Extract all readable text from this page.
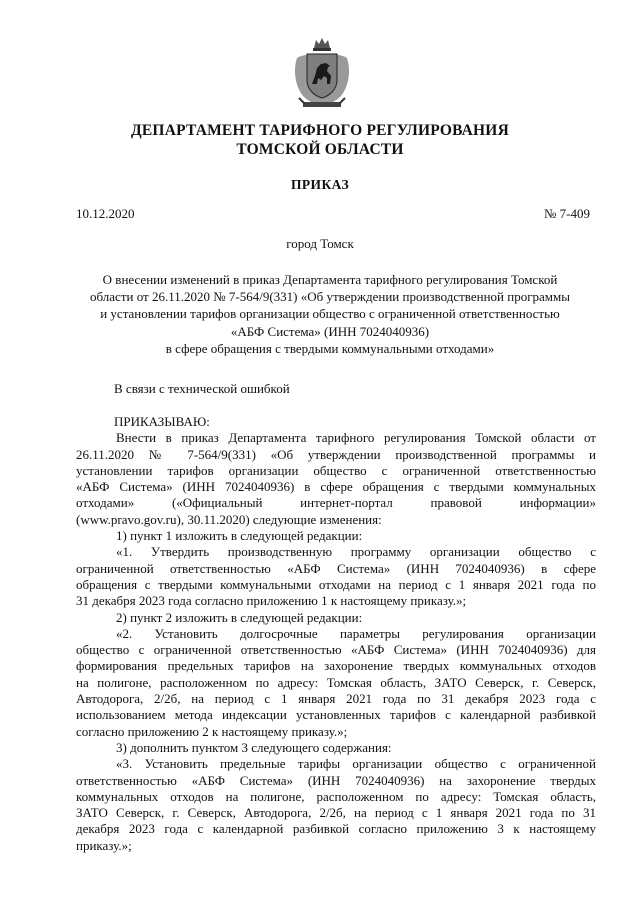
ДЕПАРТАМЕНТ ТАРИФНОГО РЕГУЛИРОВАНИЯ
ТОМСКОЙ ОБЛАСТИ
ПРИКАЗ
10.12.2020	№ 7-409
город Томск
О внесении изменений в приказ Департамента тарифного регулирования Томской
области от 26.11.2020 № 7-564/9(331) «Об утверждении производственной программы
и установлении тарифов организации общество с ограниченной ответственностью
«АБФ Система» (ИНН 7024040936)
в сфере обращения с твердыми коммунальными отходами»
В связи с технической ошибкой
ПРИКАЗЫВАЮ:
Внести в приказ Департамента тарифного регулирования Томской области от
26.11.2020 № 7-564/9(331) «Об утверждении производственной программы и
установлении тарифов организации общество с ограниченной ответственностью
«АБФ Система» (ИНН 7024040936) в сфере обращения с твердыми коммунальных
отходами» («Официальный интернет-портал правовой информации»
(www.pravo.gov.ru), 30.11.2020) следующие изменения:
1) пункт 1 изложить в следующей редакции:
«1. Утвердить производственную программу организации общество с
ограниченной ответственностью «АБФ Система» (ИНН 7024040936) в сфере
обращения с твердыми коммунальными отходами на период с 1 января 2021 года по
31 декабря 2023 года согласно приложению 1 к настоящему приказу.»;
2) пункт 2 изложить в следующей редакции:
«2. Установить долгосрочные параметры регулирования организации
общество с ограниченной ответственностью «АБФ Система» (ИНН 7024040936) для
формирования предельных тарифов на захоронение твердых коммунальных отходов
на полигоне, расположенном по адресу: Томская область, ЗАТО Северск, г. Северск,
Автодорога, 2/2б, на период с 1 января 2021 года по 31 декабря 2023 года с
использованием метода индексации установленных тарифов с календарной разбивкой
согласно приложению 2 к настоящему приказу.»;
3) дополнить пунктом 3 следующего содержания:
«3. Установить предельные тарифы организации общество с ограниченной
ответственностью «АБФ Система» (ИНН 7024040936) на захоронение твердых
коммунальных отходов на полигоне, расположенном по адресу: Томская область,
ЗАТО Северск, г. Северск, Автодорога, 2/2б, на период с 1 января 2021 года по 31
декабря 2023 года с календарной разбивкой согласно приложению 3 к настоящему
приказу.»;
